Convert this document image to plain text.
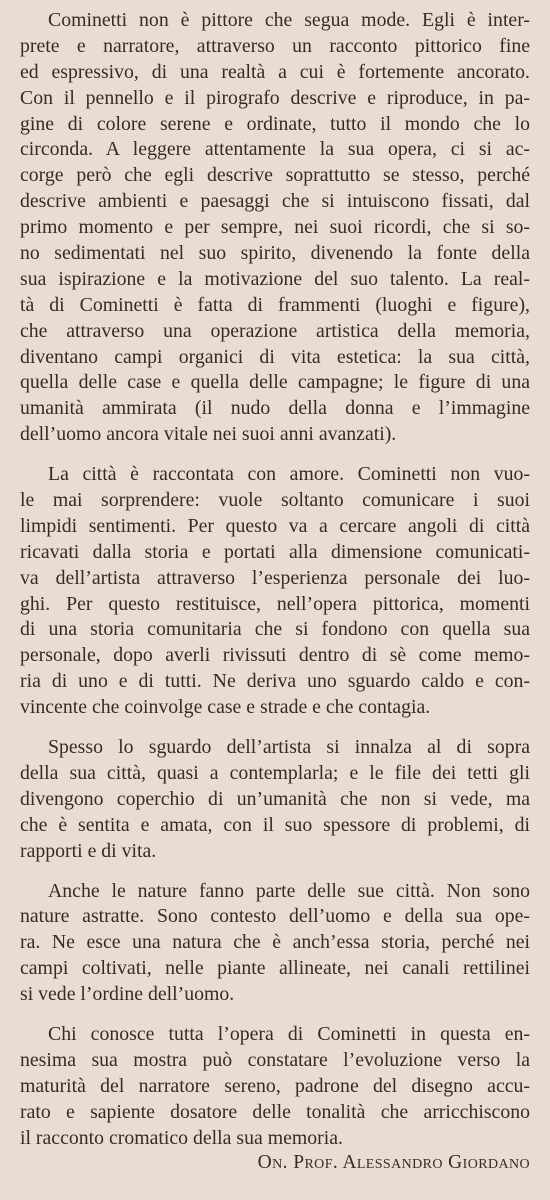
Cominetti non è pittore che segua mode. Egli è inter-
prete e narratore, attraverso un racconto pittorico fine
ed espressivo, di una realtà a cui è fortemente ancorato.
Con il pennello e il pirografo descrive e riproduce, in pa-
gine di colore serene e ordinate, tutto il mondo che lo
circonda. A leggere attentamente la sua opera, ci si ac-
corge però che egli descrive soprattutto se stesso, perché
descrive ambienti e paesaggi che si intuiscono fissati, dal
primo momento e per sempre, nei suoi ricordi, che si so-
no sedimentati nel suo spirito, divenendo la fonte della
sua ispirazione e la motivazione del suo talento. La real-
tà di Cominetti è fatta di frammenti (luoghi e figure),
che attraverso una operazione artistica della memoria,
diventano campi organici di vita estetica: la sua città,
quella delle case e quella delle campagne; le figure di una
umanità ammirata (il nudo della donna e l’immagine
dell’uomo ancora vitale nei suoi anni avanzati).
La città è raccontata con amore. Cominetti non vuo-
le mai sorprendere: vuole soltanto comunicare i suoi
limpidi sentimenti. Per questo va a cercare angoli di città
ricavati dalla storia e portati alla dimensione comunicati-
va dell’artista attraverso l’esperienza personale dei luo-
ghi. Per questo restituisce, nell’opera pittorica, momenti
di una storia comunitaria che si fondono con quella sua
personale, dopo averli rivissuti dentro di sè come memo-
ria di uno e di tutti. Ne deriva uno sguardo caldo e con-
vincente che coinvolge case e strade e che contagia.
Spesso lo sguardo dell’artista si innalza al di sopra
della sua città, quasi a contemplarla; e le file dei tetti gli
divengono coperchio di un’umanità che non si vede, ma
che è sentita e amata, con il suo spessore di problemi, di
rapporti e di vita.
Anche le nature fanno parte delle sue città. Non sono
nature astratte. Sono contesto dell’uomo e della sua ope-
ra. Ne esce una natura che è anch’essa storia, perché nei
campi coltivati, nelle piante allineate, nei canali rettilinei
si vede l’ordine dell’uomo.
Chi conosce tutta l’opera di Cominetti in questa en-
nesima sua mostra può constatare l’evoluzione verso la
maturità del narratore sereno, padrone del disegno accu-
rato e sapiente dosatore delle tonalità che arricchiscono
il racconto cromatico della sua memoria.
On. Prof. Alessandro Giordano
